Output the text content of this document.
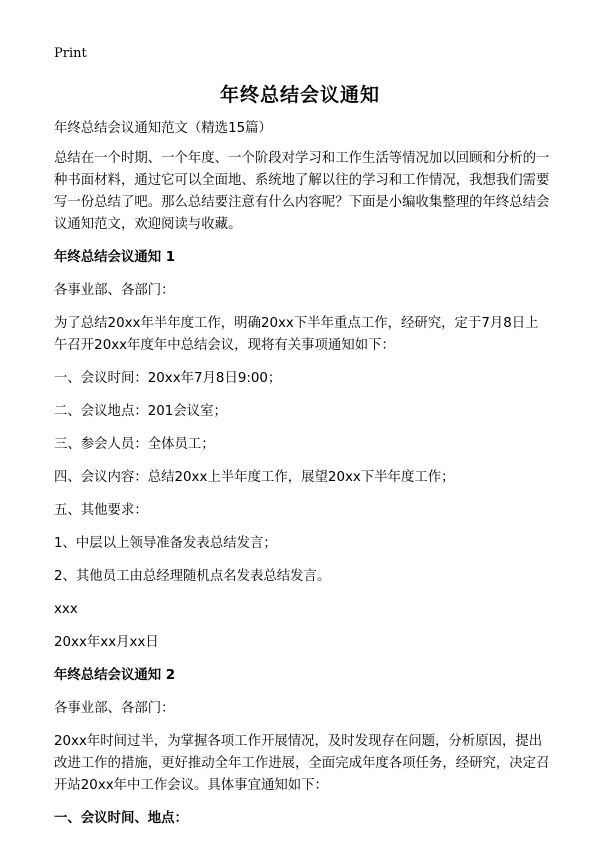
Print
年终总结会议通知

年终总结会议通知范文（精选15篇）

总结在一个时期、一个年度、一个阶段对学习和工作生活等情况加以回顾和分析的一种书面材料，通过它可以全面地、系统地了解以往的学习和工作情况，我想我们需要写一份总结了吧。那么总结要注意有什么内容呢？下面是小编收集整理的年终总结会议通知范文，欢迎阅读与收藏。

年终总结会议通知 1

各事业部、各部门：

为了总结20xx年半年度工作，明确20xx下半年重点工作，经研究，定于7月8日上午召开20xx年度年中总结会议，现将有关事项通知如下：

一、会议时间：20xx年7月8日9:00；

二、会议地点：201会议室；

三、参会人员：全体员工；

四、会议内容：总结20xx上半年度工作，展望20xx下半年度工作；

五、其他要求：

1、中层以上领导准备发表总结发言；

2、其他员工由总经理随机点名发表总结发言。

xxx

20xx年xx月xx日

年终总结会议通知 2

各事业部、各部门：

20xx年时间过半，为掌握各项工作开展情况，及时发现存在问题，分析原因，提出改进工作的措施，更好推动全年工作进展，全面完成年度各项任务，经研究，决定召开站20xx年中工作会议。具体事宜通知如下：

一、会议时间、地点：
